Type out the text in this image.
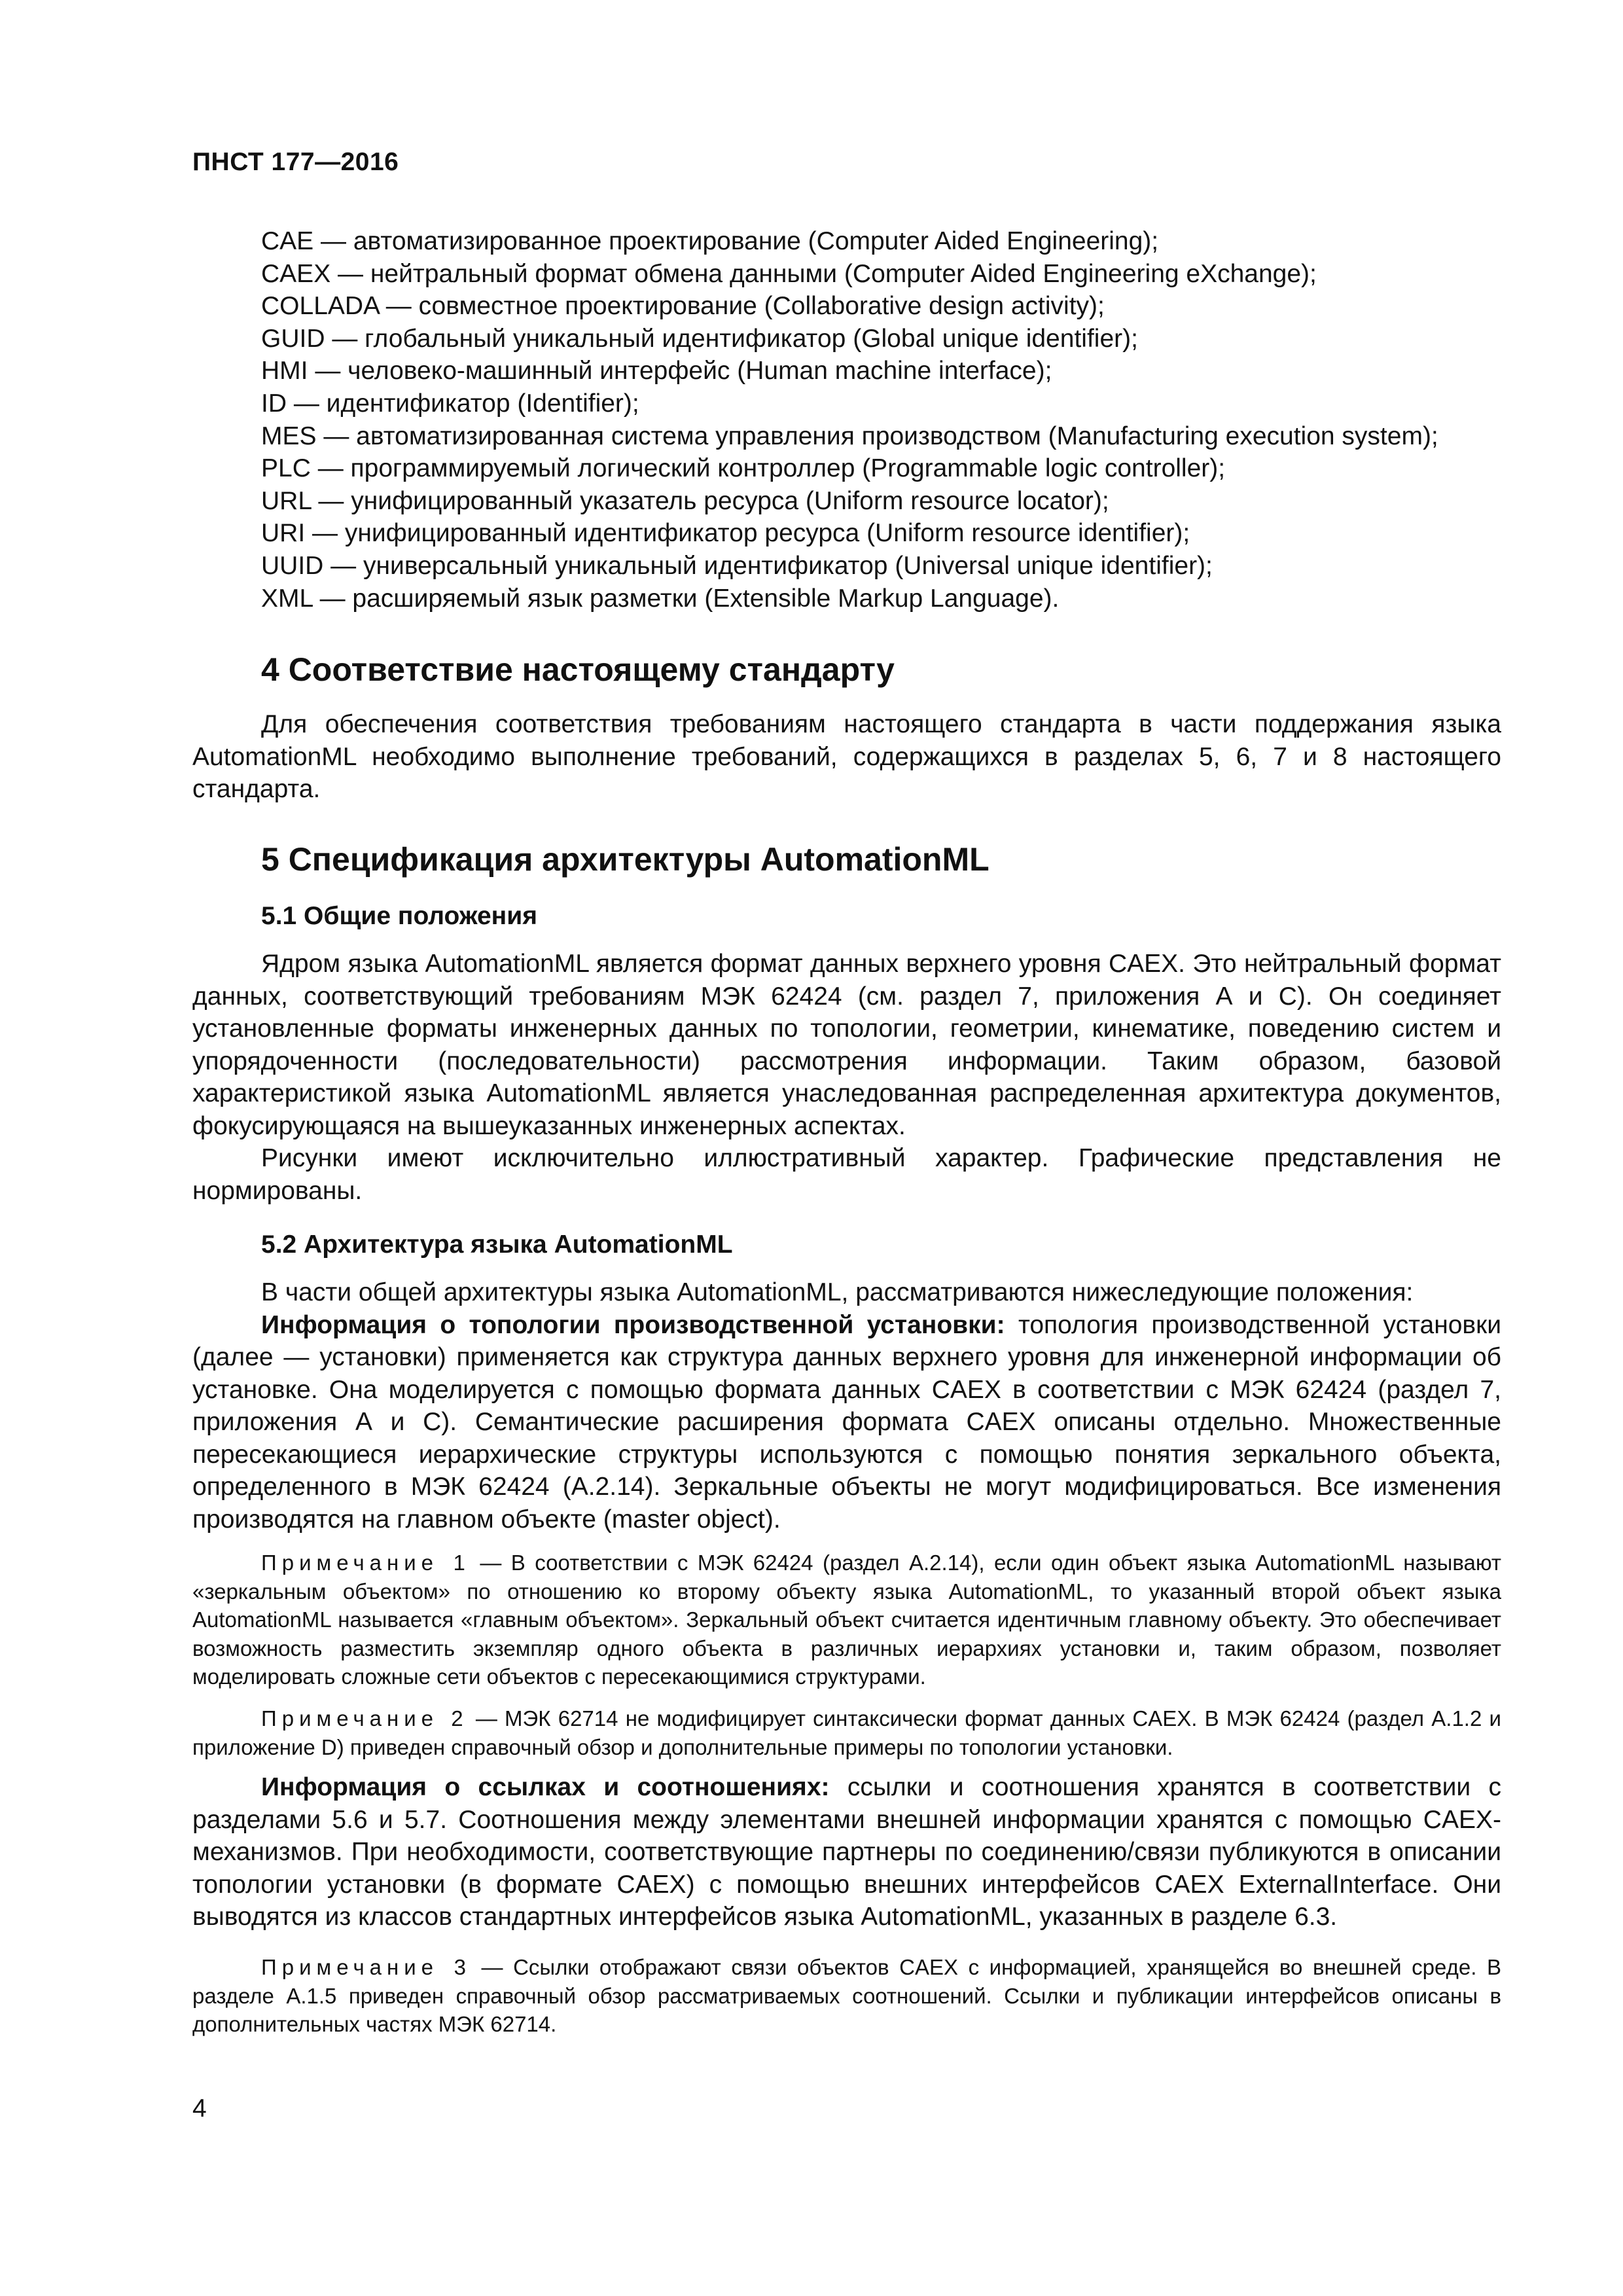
ПНСТ 177—2016
CAE — автоматизированное проектирование (Computer Aided Engineering);
CAEX — нейтральный формат обмена данными (Computer Aided Engineering eXchange);
COLLADA — совместное проектирование (Collaborative design activity);
GUID — глобальный уникальный идентификатор (Global unique identifier);
HMI — человеко-машинный интерфейс (Human machine interface);
ID — идентификатор (Identifier);
MES — автоматизированная система управления производством (Manufacturing execution system);
PLC — программируемый логический контроллер (Programmable logic controller);
URL — унифицированный указатель ресурса (Uniform resource locator);
URI — унифицированный идентификатор ресурса (Uniform resource identifier);
UUID — универсальный уникальный идентификатор (Universal unique identifier);
XML — расширяемый язык разметки (Extensible Markup Language).
4 Соответствие настоящему стандарту

Для обеспечения соответствия требованиям настоящего стандарта в части поддержания языка AutomationML необходимо выполнение требований, содержащихся в разделах 5, 6, 7 и 8 настоящего стандарта.

5 Спецификация архитектуры AutomationML
5.1 Общие положения

Ядром языка AutomationML является формат данных верхнего уровня CAEX. Это нейтральный формат данных, соответствующий требованиям МЭК 62424 (см. раздел 7, приложения А и С). Он соединяет установленные форматы инженерных данных по топологии, геометрии, кинематике, поведению систем и упорядоченности (последовательности) рассмотрения информации. Таким образом, базовой характеристикой языка AutomationML является унаследованная распределенная архитектура документов, фокусирующаяся на вышеуказанных инженерных аспектах.

Рисунки имеют исключительно иллюстративный характер. Графические представления не нормированы.

5.2 Архитектура языка AutomationML

В части общей архитектуры языка AutomationML, рассматриваются нижеследующие положения:

Информация о топологии производственной установки: топология производственной установки (далее — установки) применяется как структура данных верхнего уровня для инженерной информации об установке. Она моделируется с помощью формата данных CAEX в соответствии с МЭК 62424 (раздел 7, приложения А и С). Семантические расширения формата CAEX описаны отдельно. Множественные пересекающиеся иерархические структуры используются с помощью понятия зеркального объекта, определенного в МЭК 62424 (А.2.14). Зеркальные объекты не могут модифицироваться. Все изменения производятся на главном объекте (master object).

Примечание 1 — В соответствии с МЭК 62424 (раздел А.2.14), если один объект языка AutomationML называют «зеркальным объектом» по отношению ко второму объекту языка AutomationML, то указанный второй объект языка AutomationML называется «главным объектом». Зеркальный объект считается идентичным главному объекту. Это обеспечивает возможность разместить экземпляр одного объекта в различных иерархиях установки и, таким образом, позволяет моделировать сложные сети объектов с пересекающимися структурами.

Примечание 2 — МЭК 62714 не модифицирует синтаксически формат данных CAEX. В МЭК 62424 (раздел А.1.2 и приложение D) приведен справочный обзор и дополнительные примеры по топологии установки.

Информация о ссылках и соотношениях: ссылки и соотношения хранятся в соответствии с разделами 5.6 и 5.7. Соотношения между элементами внешней информации хранятся с помощью CAEX-механизмов. При необходимости, соответствующие партнеры по соединению/связи публикуются в описании топологии установки (в формате CAEX) с помощью внешних интерфейсов CAEX ExternalInterface. Они выводятся из классов стандартных интерфейсов языка AutomationML, указанных в разделе 6.3.

Примечание 3 — Ссылки отображают связи объектов CAEX с информацией, хранящейся во внешней среде. В разделе А.1.5 приведен справочный обзор рассматриваемых соотношений. Ссылки и публикации интерфейсов описаны в дополнительных частях МЭК 62714.

4
